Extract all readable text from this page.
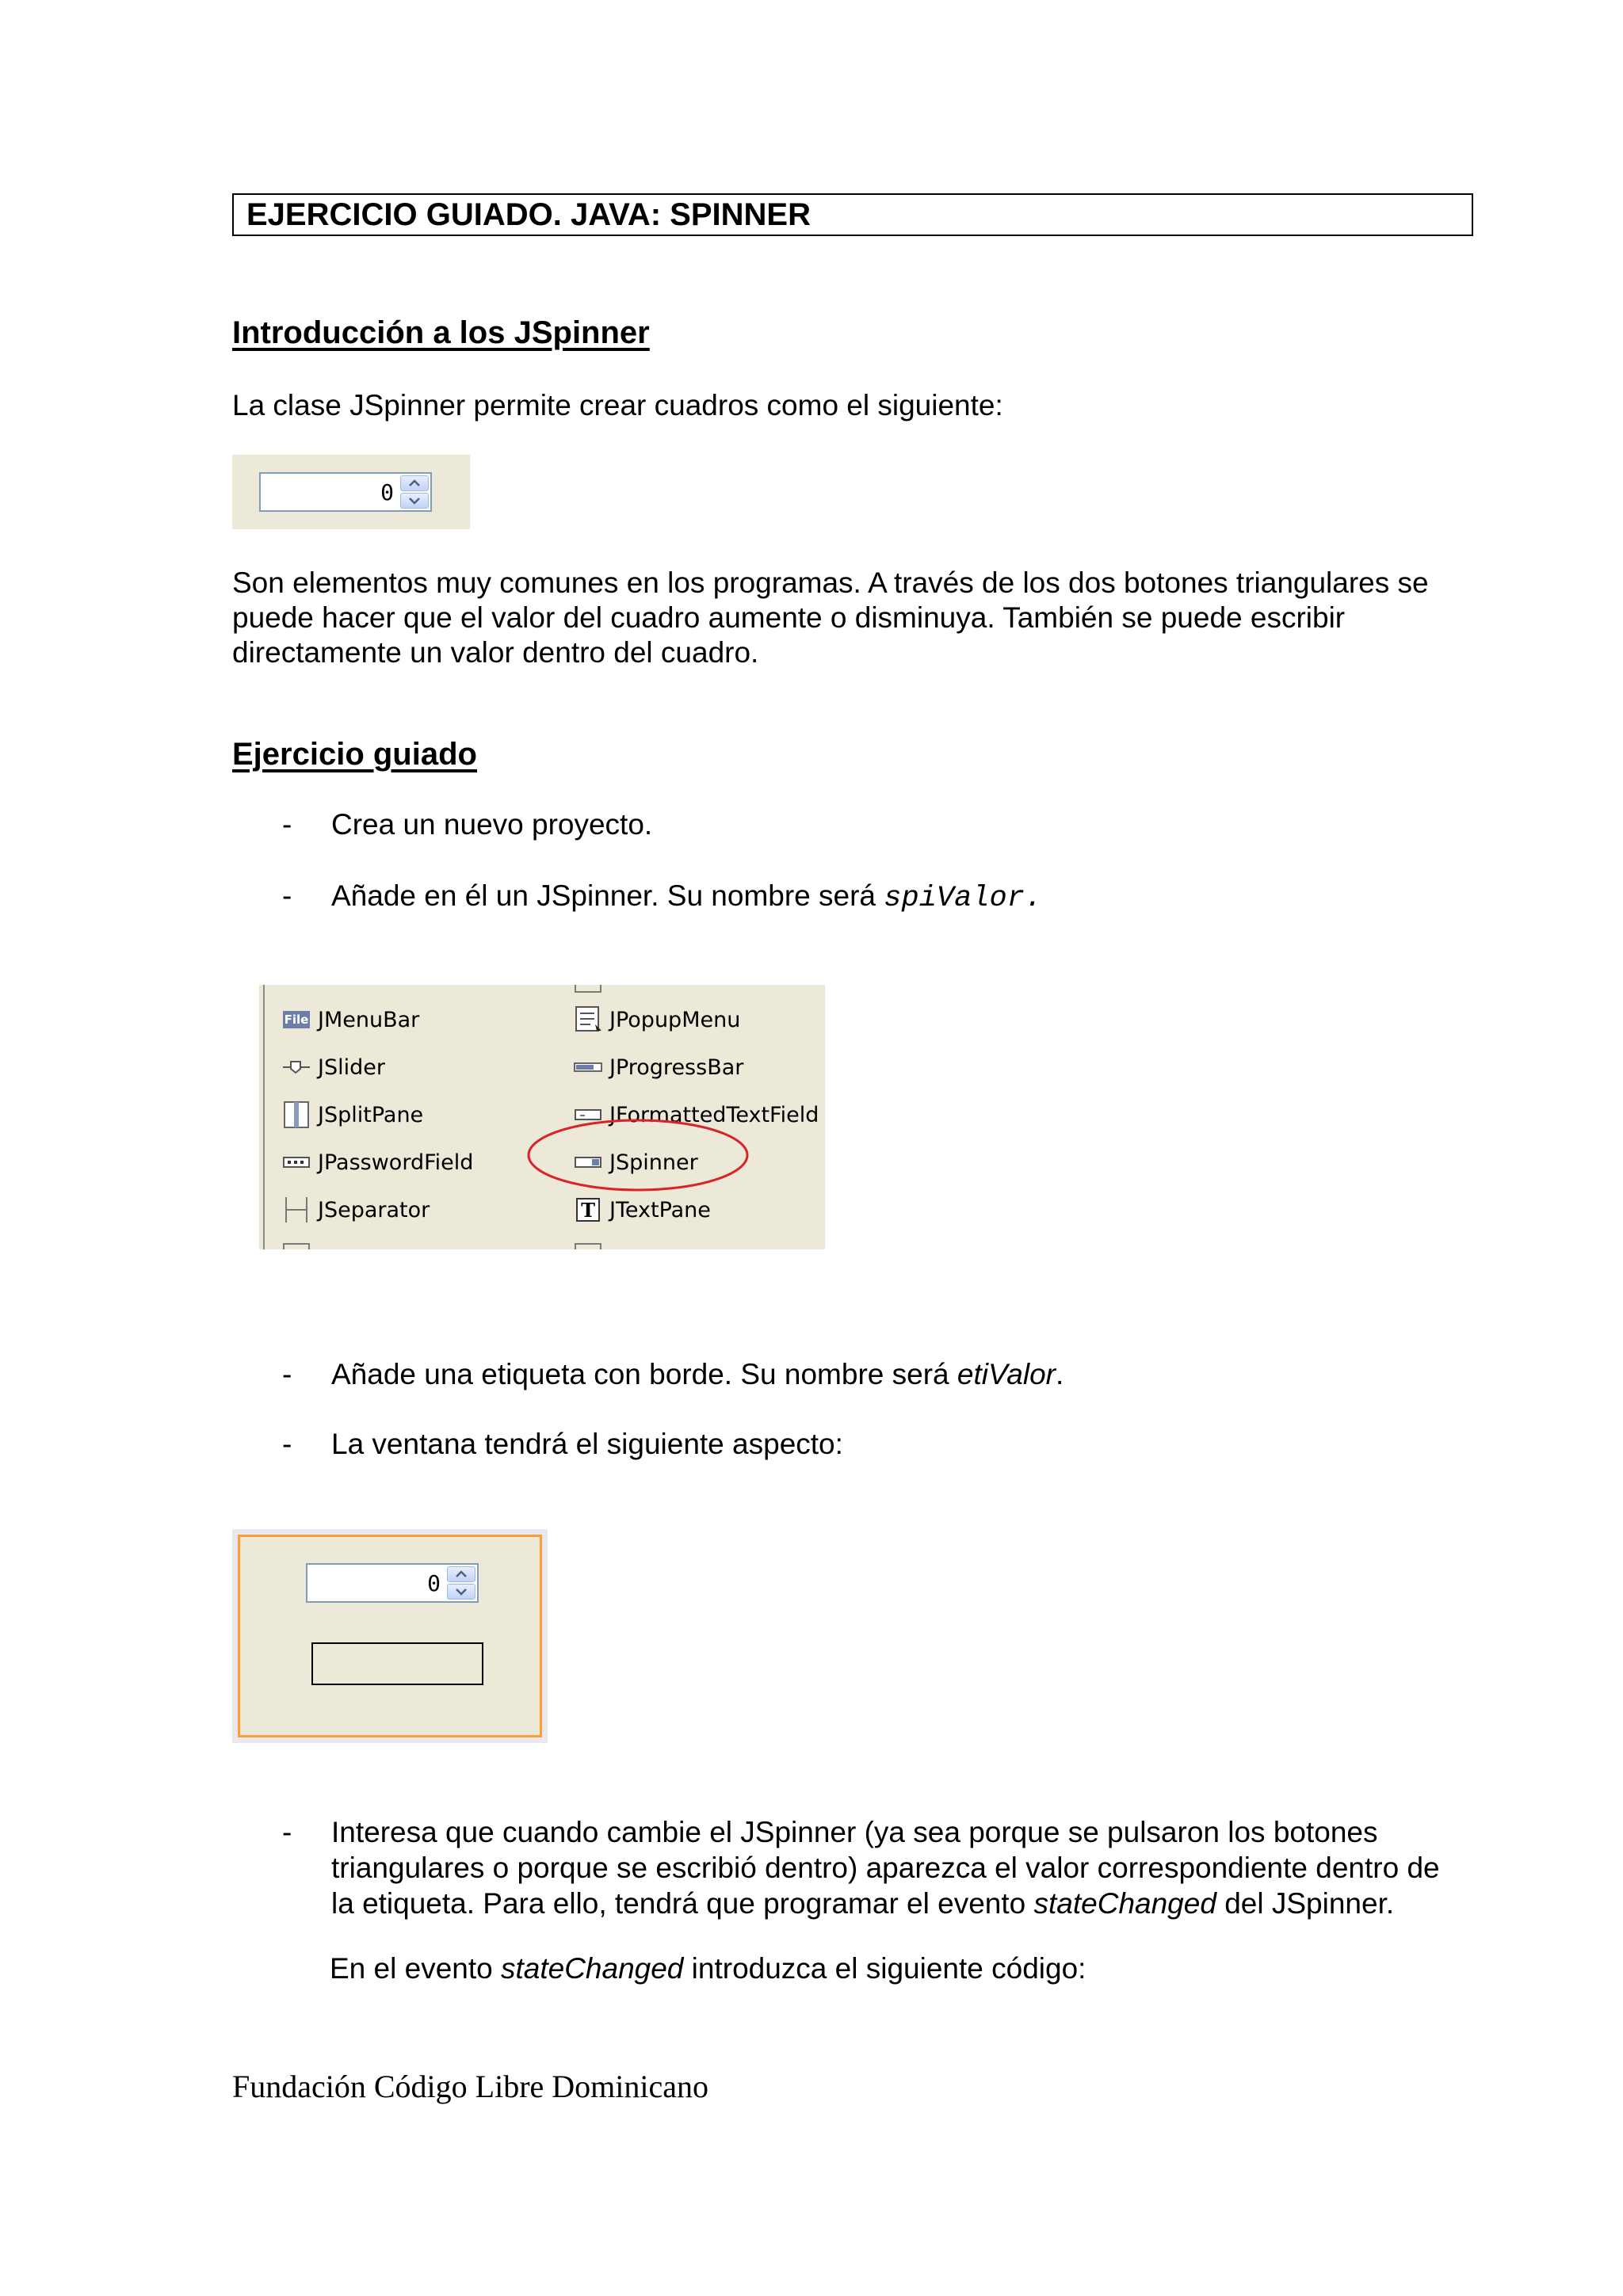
EJERCICIO GUIADO. JAVA: SPINNER
Introducción a los JSpinner
La clase JSpinner permite crear cuadros como el siguiente:
0
Son elementos muy comunes en los programas. A través de los dos botones triangulares se
puede hacer que el valor del cuadro aumente o disminuya. También se puede escribir
directamente un valor dentro del cuadro.
Ejercicio guiado
- Crea un nuevo proyecto.
- Añade en él un JSpinner. Su nombre será spiValor.
File JMenuBar
JSlider
JSplitPane
JPasswordField
JSeparator
JPopupMenu
JProgressBar
JFormattedTextField
JSpinner
T JTextPane
- Añade una etiqueta con borde. Su nombre será etiValor.
- La ventana tendrá el siguiente aspecto:
0
- Interesa que cuando cambie el JSpinner (ya sea porque se pulsaron los botones
triangulares o porque se escribió dentro) aparezca el valor correspondiente dentro de
la etiqueta. Para ello, tendrá que programar el evento stateChanged del JSpinner.
En el evento stateChanged introduzca el siguiente código:
Fundación Código Libre Dominicano
